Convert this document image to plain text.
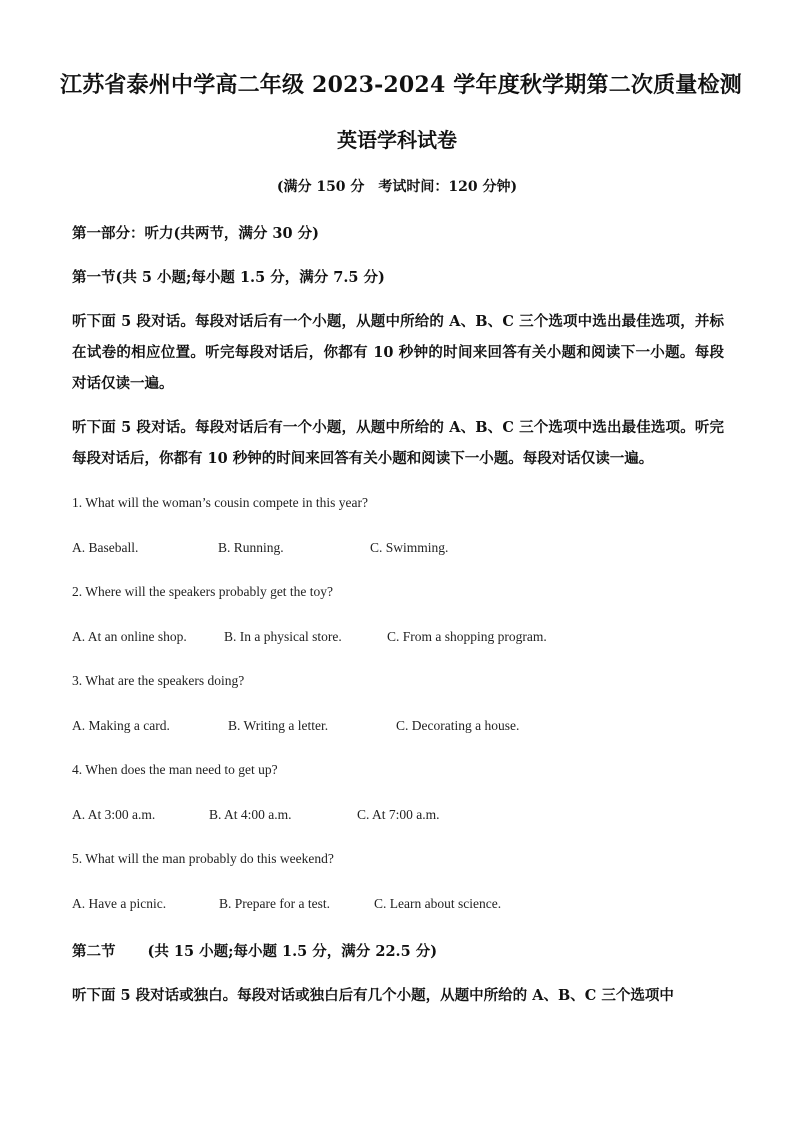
江苏省泰州中学高二年级 2023-2024 学年度秋学期第二次质量检测
英语学科试卷
(满分 150 分　考试时间：120 分钟)
第一部分：听力(共两节，满分 30 分)
第一节(共 5 小题;每小题 1.5 分，满分 7.5 分)
听下面 5 段对话。每段对话后有一个小题，从题中所给的 A、B、C 三个选项中选出最佳选项，并标在试卷的相应位置。听完每段对话后，你都有 10 秒钟的时间来回答有关小题和阅读下一小题。每段对话仅读一遍。
听下面 5 段对话。每段对话后有一个小题，从题中所给的 A、B、C 三个选项中选出最佳选项。听完每段对话后，你都有 10 秒钟的时间来回答有关小题和阅读下一小题。每段对话仅读一遍。
1. What will the woman’s cousin compete in this year?
A. Baseball.	B. Running.	C. Swimming.
2. Where will the speakers probably get the toy?
A. At an online shop.	B. In a physical store.	C. From a shopping program.
3. What are the speakers doing?
A. Making a card.	B. Writing a letter.	C. Decorating a house.
4. When does the man need to get up?
A. At 3:00 a.m.	B. At 4:00 a.m.	C. At 7:00 a.m.
5. What will the man probably do this weekend?
A. Have a picnic.	B. Prepare for a test.	C. Learn about science.
第二节 (共 15 小题;每小题 1.5 分，满分 22.5 分)
听下面 5 段对话或独白。每段对话或独白后有几个小题，从题中所给的 A、B、C 三个选项中
